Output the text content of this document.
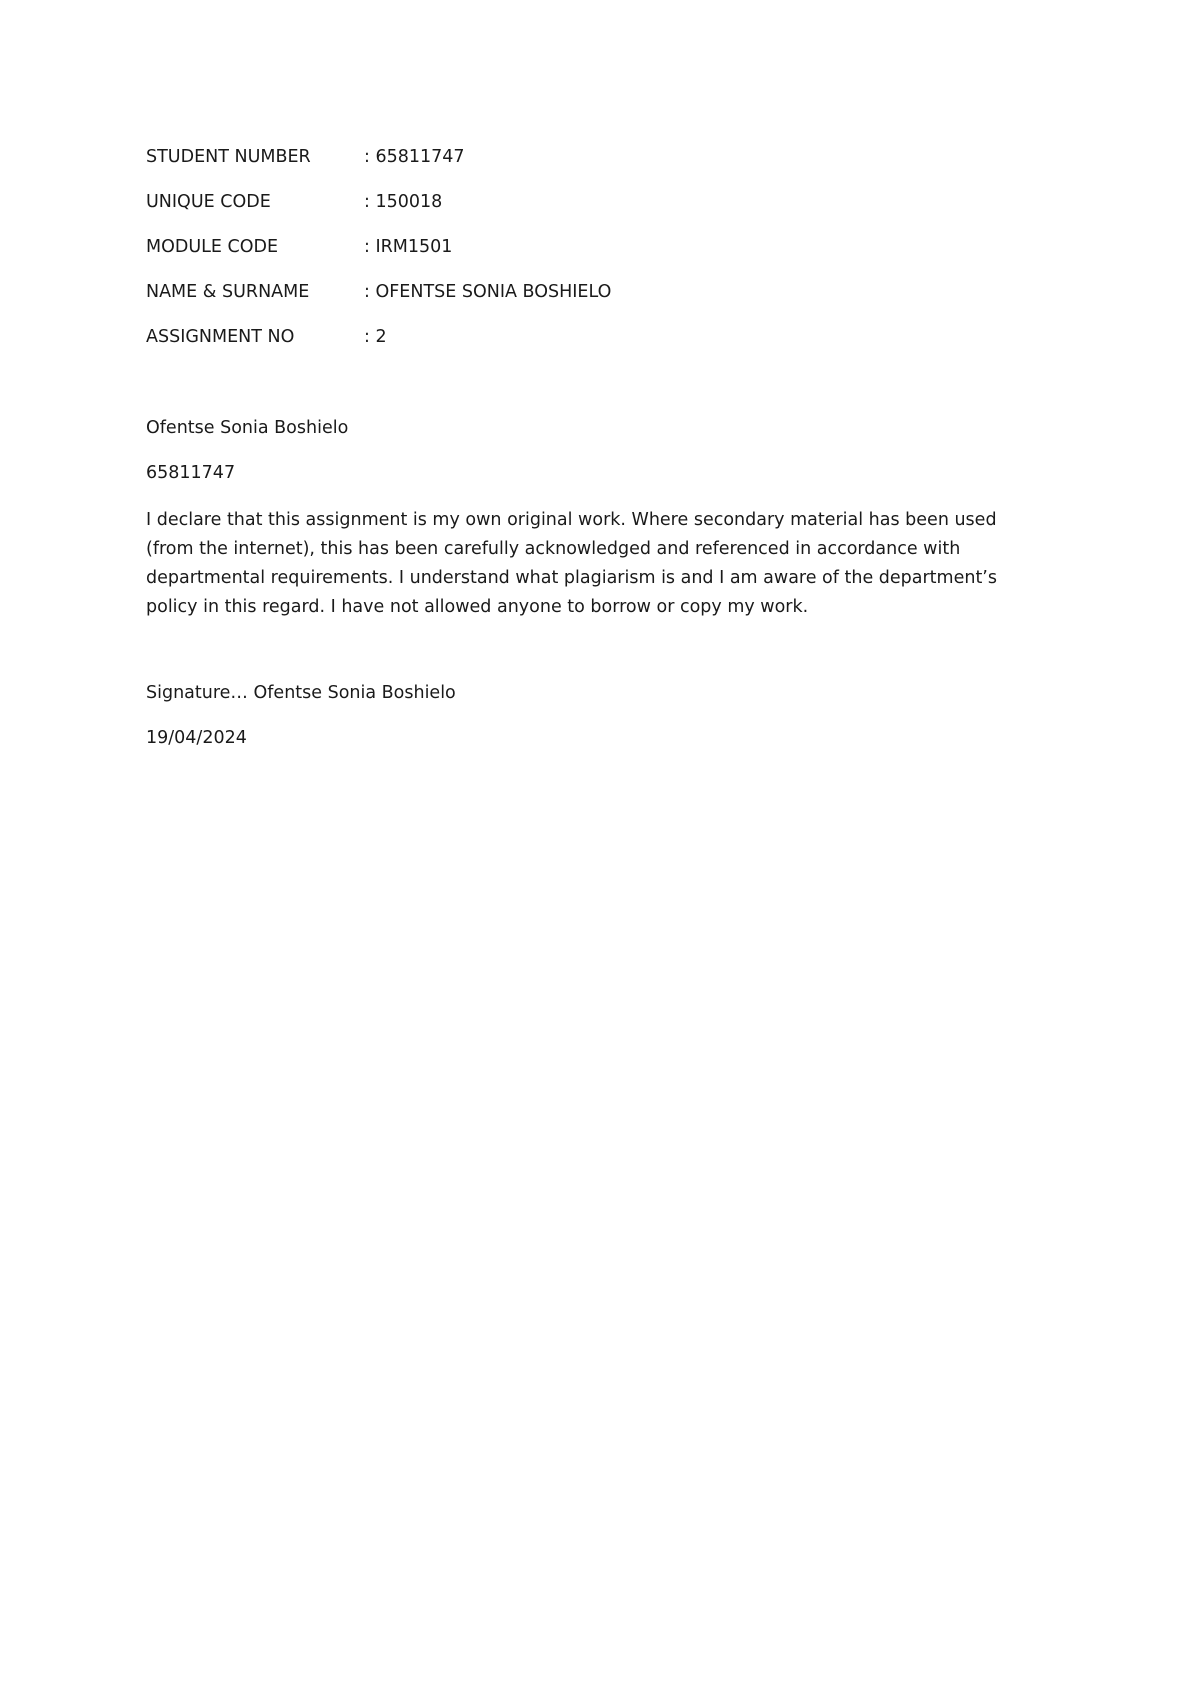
STUDENT NUMBER	: 65811747
UNIQUE CODE	: 150018
MODULE CODE	: IRM1501
NAME & SURNAME	: OFENTSE SONIA BOSHIELO
ASSIGNMENT NO	: 2
Ofentse Sonia Boshielo
65811747

I declare that this assignment is my own original work. Where secondary material has been used (from the internet), this has been carefully acknowledged and referenced in accordance with departmental requirements. I understand what plagiarism is and I am aware of the department’s policy in this regard. I have not allowed anyone to borrow or copy my work.

Signature… Ofentse Sonia Boshielo
19/04/2024
